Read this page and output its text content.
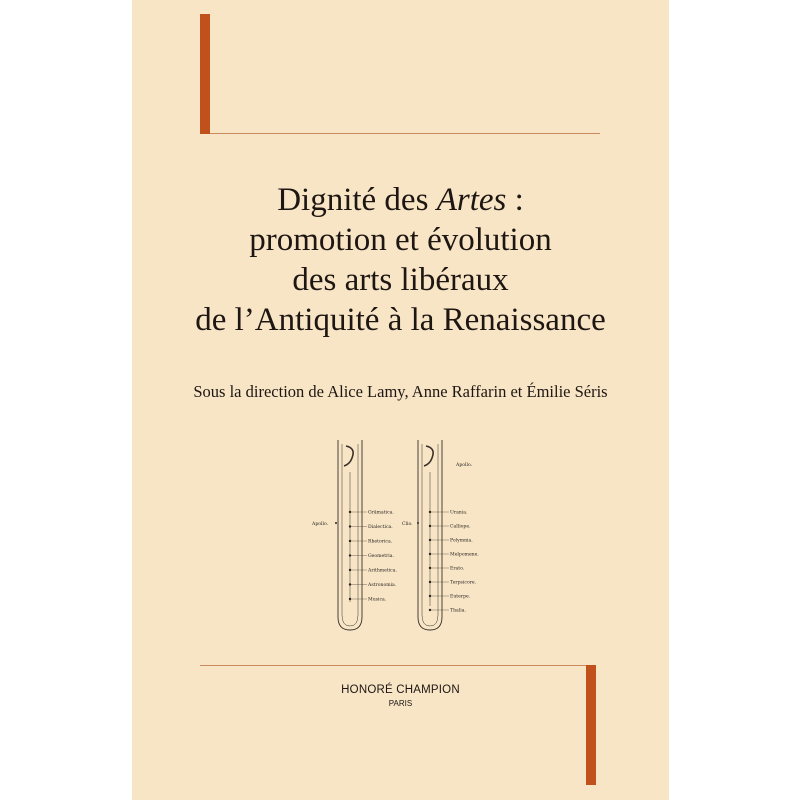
Dignité des Artes :
promotion et évolution
des arts libéraux
de l’Antiquité à la Renaissance
Sous la direction de Alice Lamy, Anne Raffarin et Émilie Séris
Apollo.
Apollo.
Clio.
Grāmatica.
Dialectica.
Rhetorica.
Geometria.
Arithmetica.
Astronomia.
Musica.
Urania.
Calliope.
Polymnia.
Melpomene.
Erato.
Terpsicore.
Euterpe.
Thalia.
HONORÉ CHAMPION
PARIS
